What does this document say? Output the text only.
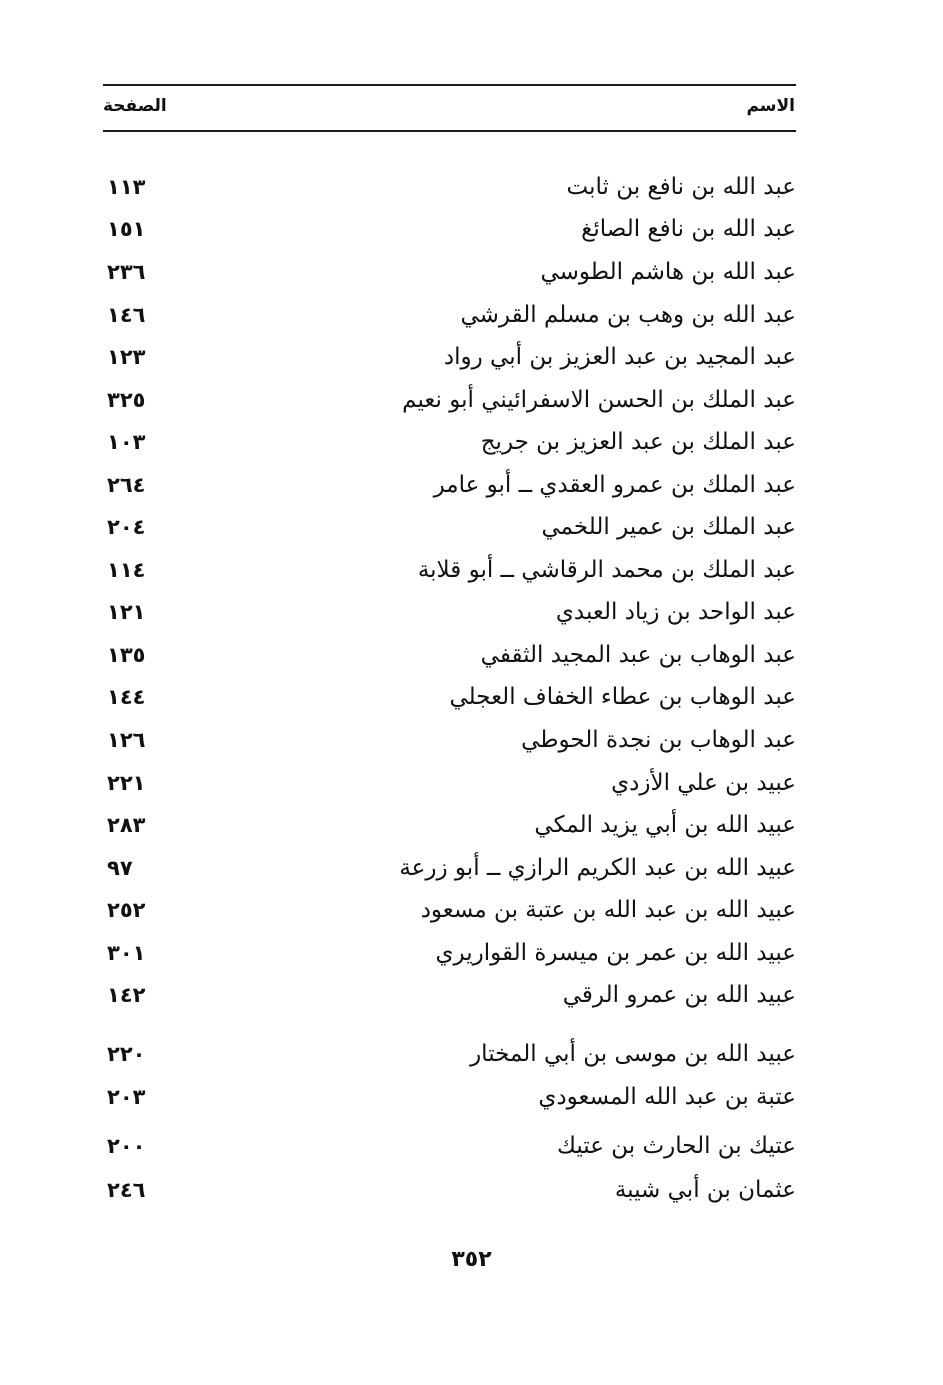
الاسم
الصفحة
عبد الله بن نافع بن ثابت
١١٣
عبد الله بن نافع الصائغ
١٥١
عبد الله بن هاشم الطوسي
٢٣٦
عبد الله بن وهب بن مسلم القرشي
١٤٦
عبد المجيد بن عبد العزيز بن أبي رواد
١٢٣
عبد الملك بن الحسن الاسفرائيني أبو نعيم
٣٢٥
عبد الملك بن عبد العزيز بن جريج
١٠٣
عبد الملك بن عمرو العقدي ــ أبو عامر
٢٦٤
عبد الملك بن عمير اللخمي
٢٠٤
عبد الملك بن محمد الرقاشي ــ أبو قلابة
١١٤
عبد الواحد بن زياد العبدي
١٢١
عبد الوهاب بن عبد المجيد الثقفي
١٣٥
عبد الوهاب بن عطاء الخفاف العجلي
١٤٤
عبد الوهاب بن نجدة الحوطي
١٢٦
عبيد بن علي الأزدي
٢٢١
عبيد الله بن أبي يزيد المكي
٢٨٣
عبيد الله بن عبد الكريم الرازي ــ أبو زرعة
٩٧
عبيد الله بن عبد الله بن عتبة بن مسعود
٢٥٢
عبيد الله بن عمر بن ميسرة القواريري
٣٠١
عبيد الله بن عمرو الرقي
١٤٢
عبيد الله بن موسى بن أبي المختار
٢٢٠
عتبة بن عبد الله المسعودي
٢٠٣
عتيك بن الحارث بن عتيك
٢٠٠
عثمان بن أبي شيبة
٢٤٦
٣٥٢
